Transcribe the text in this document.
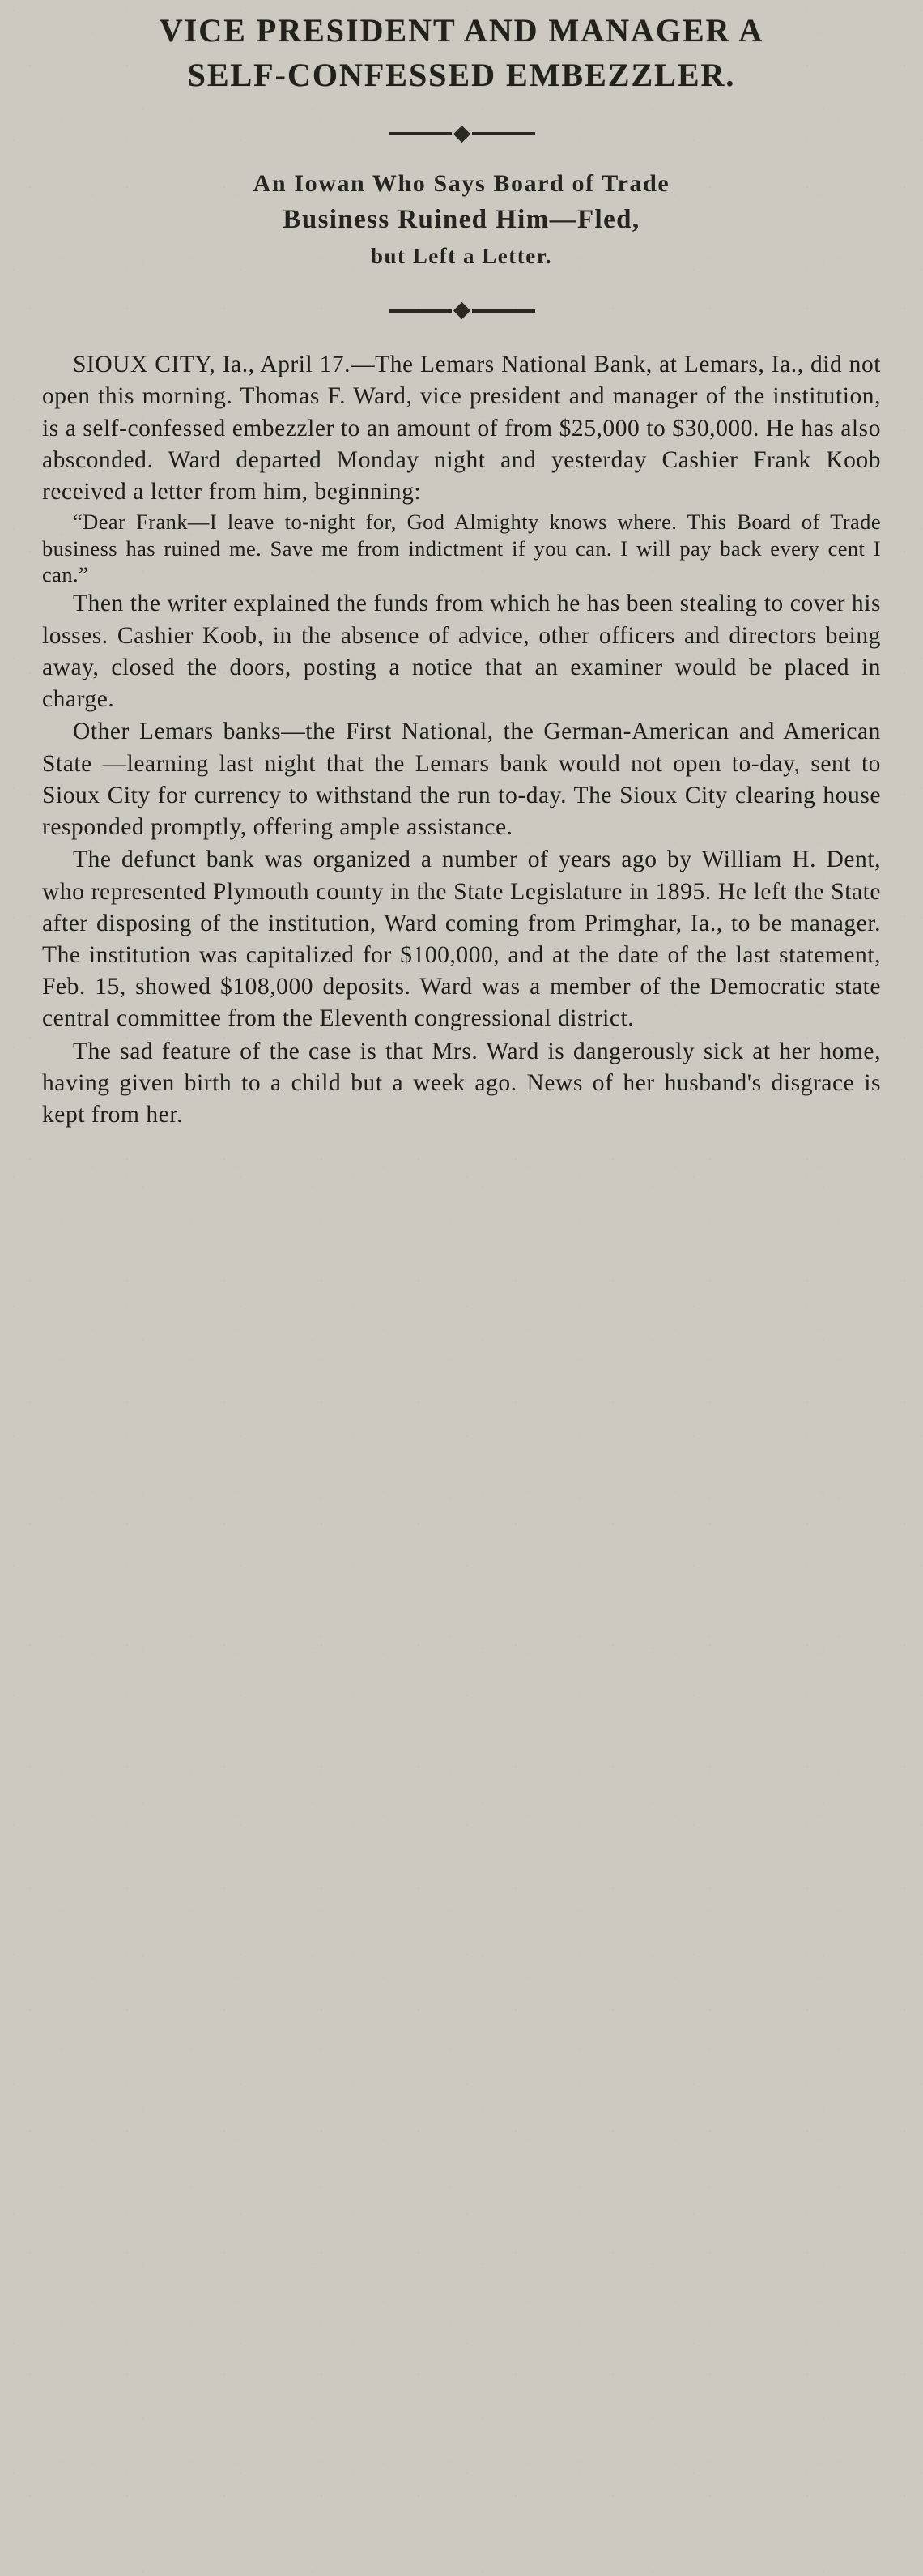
VICE PRESIDENT AND MANAGER A
SELF-CONFESSED EMBEZZLER.
An Iowan Who Says Board of Trade
Business Ruined Him—Fled,
but Left a Letter.

SIOUX CITY, Ia., April 17.—The Lemars National Bank, at Lemars, Ia., did not open this morning. Thomas F. Ward, vice president and manager of the institution, is a self-confessed embezzler to an amount of from $25,000 to $30,000. He has also absconded. Ward departed Monday night and yesterday Cashier Frank Koob received a letter from him, beginning:

“Dear Frank—I leave to-night for, God Almighty knows where. This Board of Trade business has ruined me. Save me from indictment if you can. I will pay back every cent I can.”

Then the writer explained the funds from which he has been stealing to cover his losses. Cashier Koob, in the absence of advice, other officers and directors being away, closed the doors, posting a notice that an examiner would be placed in charge.

Other Lemars banks—the First National, the German-American and American State —learning last night that the Lemars bank would not open to-day, sent to Sioux City for currency to withstand the run to-day. The Sioux City clearing house responded promptly, offering ample assistance.

The defunct bank was organized a number of years ago by William H. Dent, who represented Plymouth county in the State Legislature in 1895. He left the State after disposing of the institution, Ward coming from Primghar, Ia., to be manager. The institution was capitalized for $100,000, and at the date of the last statement, Feb. 15, showed $108,000 deposits. Ward was a member of the Democratic state central committee from the Eleventh congressional district.

The sad feature of the case is that Mrs. Ward is dangerously sick at her home, having given birth to a child but a week ago. News of her husband's disgrace is kept from her.
